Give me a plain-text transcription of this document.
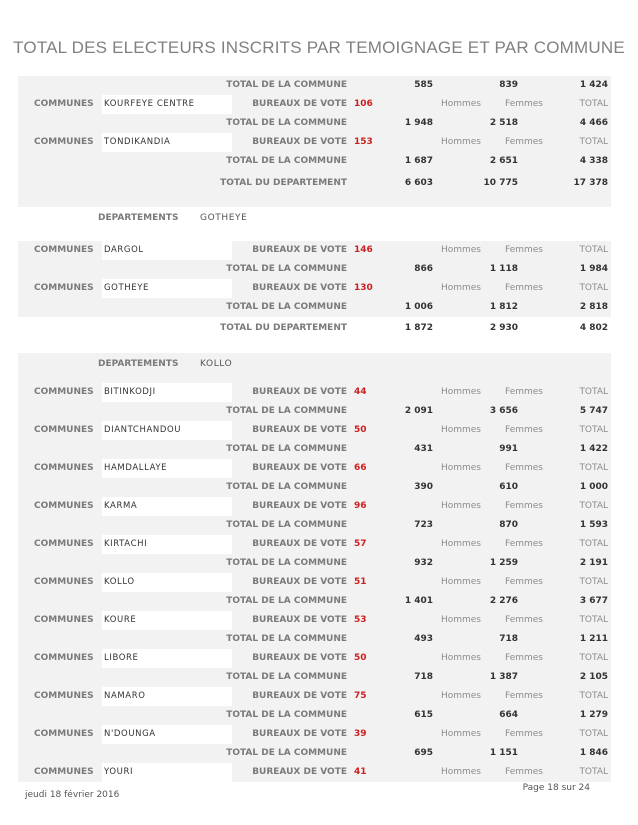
TOTAL DES ELECTEURS INSCRITS PAR TEMOIGNAGE ET PAR COMMUNE
TOTAL DE LA COMMUNE	585	839	1 424
COMMUNES KOURFEYE CENTRE	BUREAUX DE VOTE 106	Hommes	Femmes	TOTAL
TOTAL DE LA COMMUNE	1 948	2 518	4 466
COMMUNES TONDIKANDIA	BUREAUX DE VOTE 153	Hommes	Femmes	TOTAL
TOTAL DE LA COMMUNE	1 687	2 651	4 338
TOTAL DU DEPARTEMENT	6 603	10 775	17 378
DEPARTEMENTS GOTHEYE
COMMUNES DARGOL	BUREAUX DE VOTE 146	Hommes	Femmes	TOTAL
TOTAL DE LA COMMUNE	866	1 118	1 984
COMMUNES GOTHEYE	BUREAUX DE VOTE 130	Hommes	Femmes	TOTAL
TOTAL DE LA COMMUNE	1 006	1 812	2 818
TOTAL DU DEPARTEMENT	1 872	2 930	4 802
DEPARTEMENTS KOLLO
COMMUNES BITINKODJI	BUREAUX DE VOTE 44	Hommes	Femmes	TOTAL
TOTAL DE LA COMMUNE	2 091	3 656	5 747
COMMUNES DIANTCHANDOU	BUREAUX DE VOTE 50	Hommes	Femmes	TOTAL
TOTAL DE LA COMMUNE	431	991	1 422
COMMUNES HAMDALLAYE	BUREAUX DE VOTE 66	Hommes	Femmes	TOTAL
TOTAL DE LA COMMUNE	390	610	1 000
COMMUNES KARMA	BUREAUX DE VOTE 96	Hommes	Femmes	TOTAL
TOTAL DE LA COMMUNE	723	870	1 593
COMMUNES KIRTACHI	BUREAUX DE VOTE 57	Hommes	Femmes	TOTAL
TOTAL DE LA COMMUNE	932	1 259	2 191
COMMUNES KOLLO	BUREAUX DE VOTE 51	Hommes	Femmes	TOTAL
TOTAL DE LA COMMUNE	1 401	2 276	3 677
COMMUNES KOURE	BUREAUX DE VOTE 53	Hommes	Femmes	TOTAL
TOTAL DE LA COMMUNE	493	718	1 211
COMMUNES LIBORE	BUREAUX DE VOTE 50	Hommes	Femmes	TOTAL
TOTAL DE LA COMMUNE	718	1 387	2 105
COMMUNES NAMARO	BUREAUX DE VOTE 75	Hommes	Femmes	TOTAL
TOTAL DE LA COMMUNE	615	664	1 279
COMMUNES N'DOUNGA	BUREAUX DE VOTE 39	Hommes	Femmes	TOTAL
TOTAL DE LA COMMUNE	695	1 151	1 846
COMMUNES YOURI	BUREAUX DE VOTE 41	Hommes	Femmes	TOTAL
jeudi 18 février 2016
Page 18 sur 24
